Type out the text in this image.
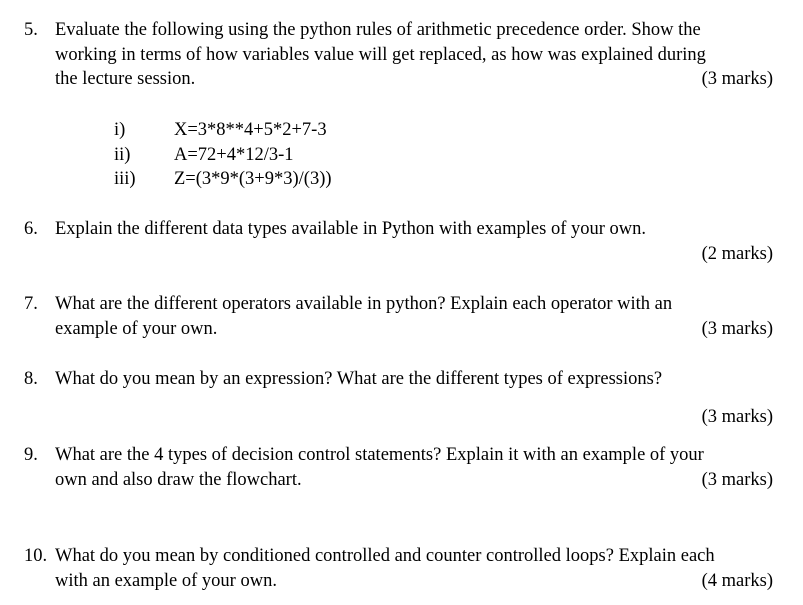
5. Evaluate the following using the python rules of arithmetic precedence order. Show the
working in terms of how variables value will get replaced, as how was explained during
the lecture session.	(3 marks)
i)	X=3*8**4+5*2+7-3
ii) A=72+4*12/3-1
iii) Z=(3*9*(3+9*3)/(3))
6. Explain the different data types available in Python with examples of your own.
(2 marks)
7. What are the different operators available in python? Explain each operator with an
example of your own.	(3 marks)
8. What do you mean by an expression? What are the different types of expressions?
(3 marks)
9. What are the 4 types of decision control statements? Explain it with an example of your
own and also draw the flowchart.	(3 marks)
10. What do you mean by conditioned controlled and counter controlled loops? Explain each
with an example of your own.	(4 marks)
